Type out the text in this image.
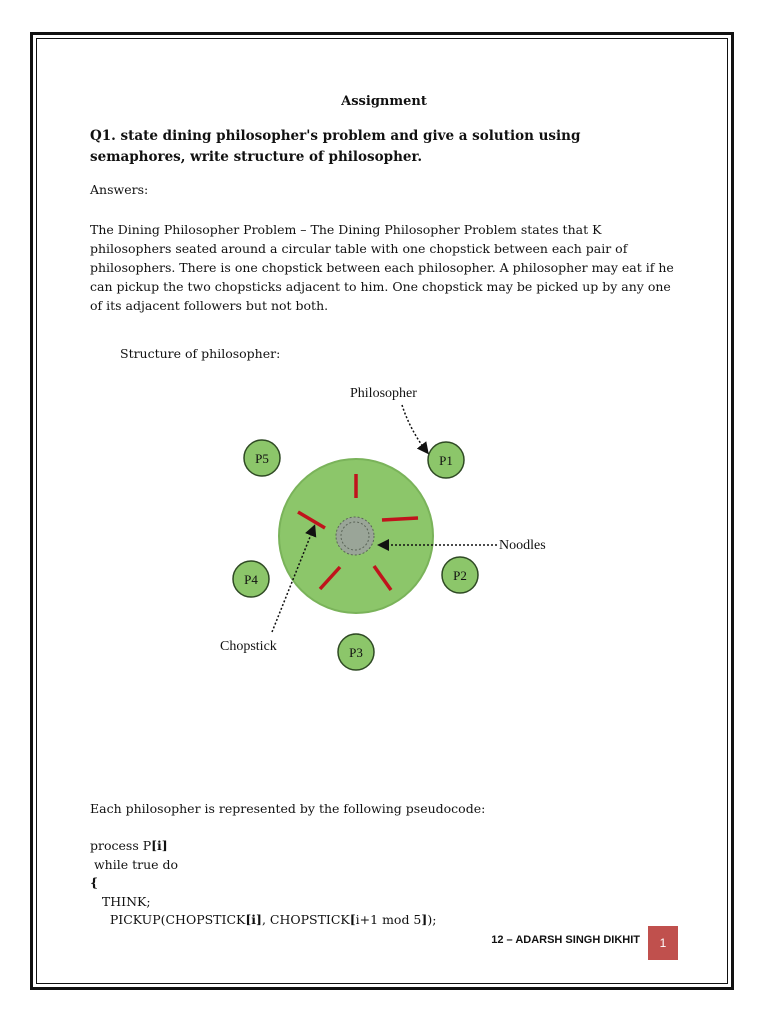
Assignment

Q1. state dining philosopher's problem and give a solution using semaphores, write structure of philosopher.

Answers:

The Dining Philosopher Problem – The Dining Philosopher Problem states that K philosophers seated around a circular table with one chopstick between each pair of philosophers. There is one chopstick between each philosopher. A philosopher may eat if he can pickup the two chopsticks adjacent to him. One chopstick may be picked up by any one of its adjacent followers but not both.

Structure of philosopher:

P1
P2
P3
P4
P5
Philosopher
Noodles
Chopstick

Each philosopher is represented by the following pseudocode:

process P[i]
while true do
{
THINK;
PICKUP(CHOPSTICK[i], CHOPSTICK[i+1 mod 5]);
12 – ADARSH SINGH DIKHIT	1
